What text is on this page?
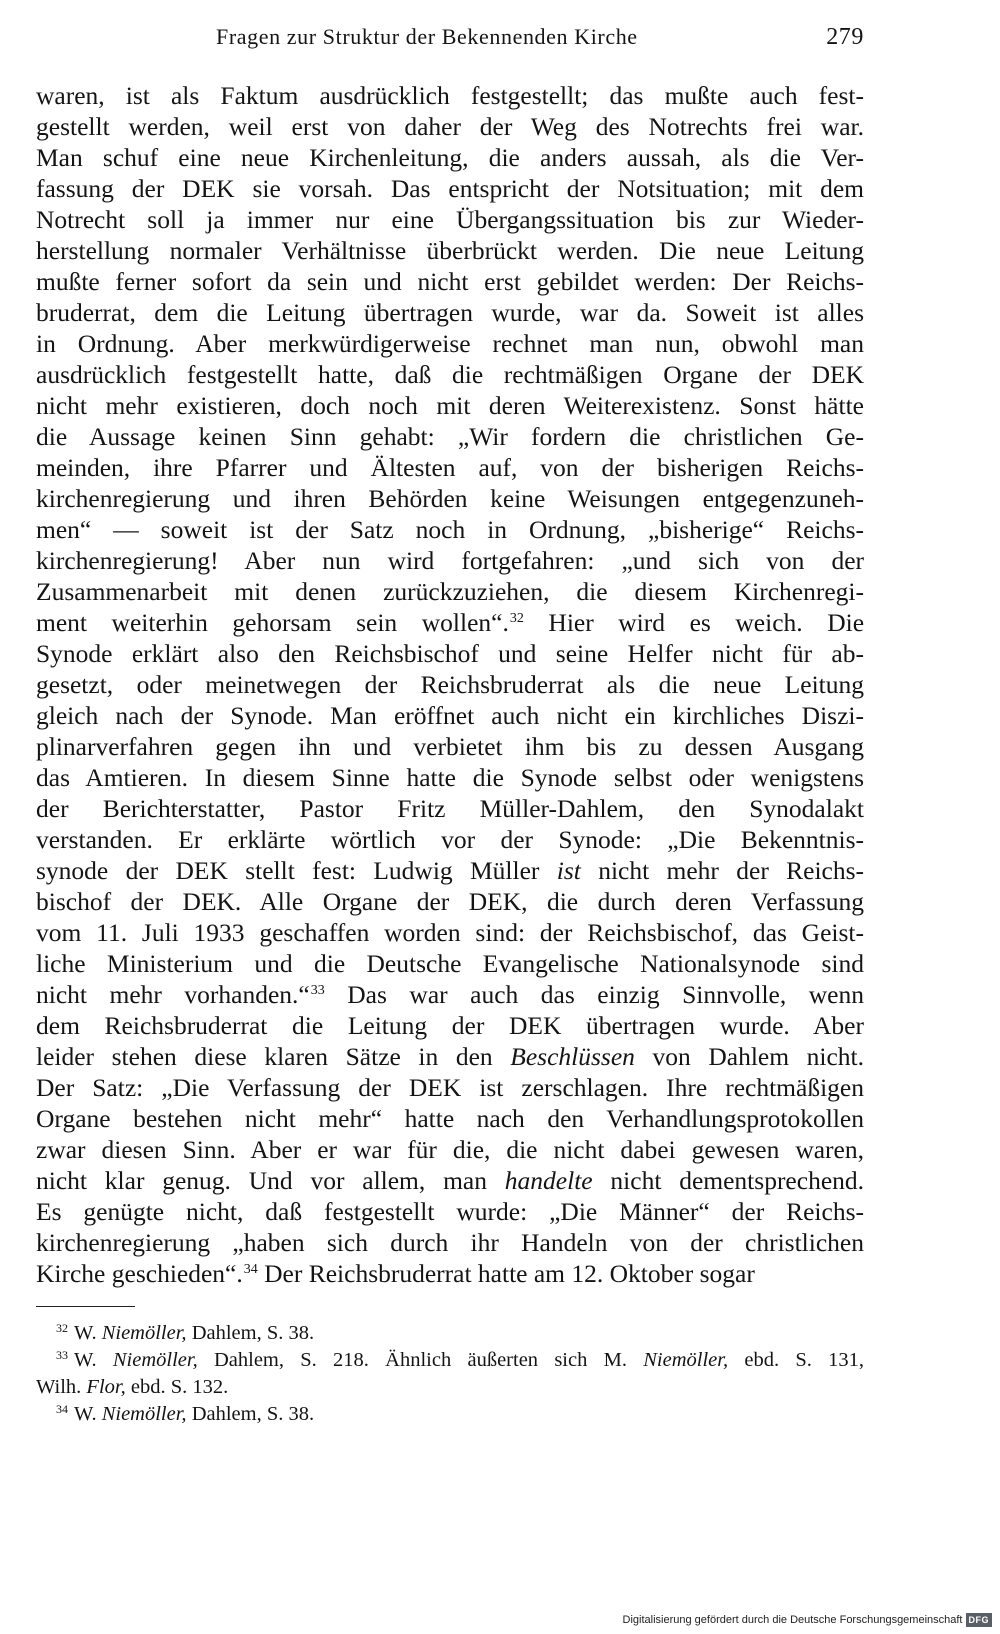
Fragen zur Struktur der Bekennenden Kirche	279
waren, ist als Faktum ausdrücklich festgestellt; das mußte auch fest-
gestellt werden, weil erst von daher der Weg des Notrechts frei war.
Man schuf eine neue Kirchenleitung, die anders aussah, als die Ver-
fassung der DEK sie vorsah. Das entspricht der Notsituation; mit dem
Notrecht soll ja immer nur eine Übergangssituation bis zur Wieder-
herstellung normaler Verhältnisse überbrückt werden. Die neue Leitung
mußte ferner sofort da sein und nicht erst gebildet werden: Der Reichs-
bruderrat, dem die Leitung übertragen wurde, war da. Soweit ist alles
in Ordnung. Aber merkwürdigerweise rechnet man nun, obwohl man
ausdrücklich festgestellt hatte, daß die rechtmäßigen Organe der DEK
nicht mehr existieren, doch noch mit deren Weiterexistenz. Sonst hätte
die Aussage keinen Sinn gehabt: „Wir fordern die christlichen Ge-
meinden, ihre Pfarrer und Ältesten auf, von der bisherigen Reichs-
kirchenregierung und ihren Behörden keine Weisungen entgegenzuneh-
men“ — soweit ist der Satz noch in Ordnung, „bisherige“ Reichs-
kirchenregierung! Aber nun wird fortgefahren: „und sich von der
Zusammenarbeit mit denen zurückzuziehen, die diesem Kirchenregi-
ment weiterhin gehorsam sein wollen“.$^{32}$ Hier wird es weich. Die
Synode erklärt also den Reichsbischof und seine Helfer nicht für ab-
gesetzt, oder meinetwegen der Reichsbruderrat als die neue Leitung
gleich nach der Synode. Man eröffnet auch nicht ein kirchliches Diszi-
plinarverfahren gegen ihn und verbietet ihm bis zu dessen Ausgang
das Amtieren. In diesem Sinne hatte die Synode selbst oder wenigstens
der Berichterstatter, Pastor Fritz Müller-Dahlem, den Synodalakt
verstanden. Er erklärte wörtlich vor der Synode: „Die Bekenntnis-
synode der DEK stellt fest: Ludwig Müller ist nicht mehr der Reichs-
bischof der DEK. Alle Organe der DEK, die durch deren Verfassung
vom 11. Juli 1933 geschaffen worden sind: der Reichsbischof, das Geist-
liche Ministerium und die Deutsche Evangelische Nationalsynode sind
nicht mehr vorhanden.“$^{33}$ Das war auch das einzig Sinnvolle, wenn
dem Reichsbruderrat die Leitung der DEK übertragen wurde. Aber
leider stehen diese klaren Sätze in den Beschlüssen von Dahlem nicht.
Der Satz: „Die Verfassung der DEK ist zerschlagen. Ihre rechtmäßigen
Organe bestehen nicht mehr“ hatte nach den Verhandlungsprotokollen
zwar diesen Sinn. Aber er war für die, die nicht dabei gewesen waren,
nicht klar genug. Und vor allem, man handelte nicht dementsprechend.
Es genügte nicht, daß festgestellt wurde: „Die Männer“ der Reichs-
kirchenregierung „haben sich durch ihr Handeln von der christlichen
Kirche geschieden“.$^{34}$ Der Reichsbruderrat hatte am 12. Oktober sogar
$^{32}$ W. Niemöller, Dahlem, S. 38.
$^{33}$ W. Niemöller, Dahlem, S. 218. Ähnlich äußerten sich M. Niemöller, ebd. S. 131,
Wilh. Flor, ebd. S. 132.
$^{34}$ W. Niemöller, Dahlem, S. 38.
Digitalisierung gefördert durch die Deutsche Forschungsgemeinschaft DFG
